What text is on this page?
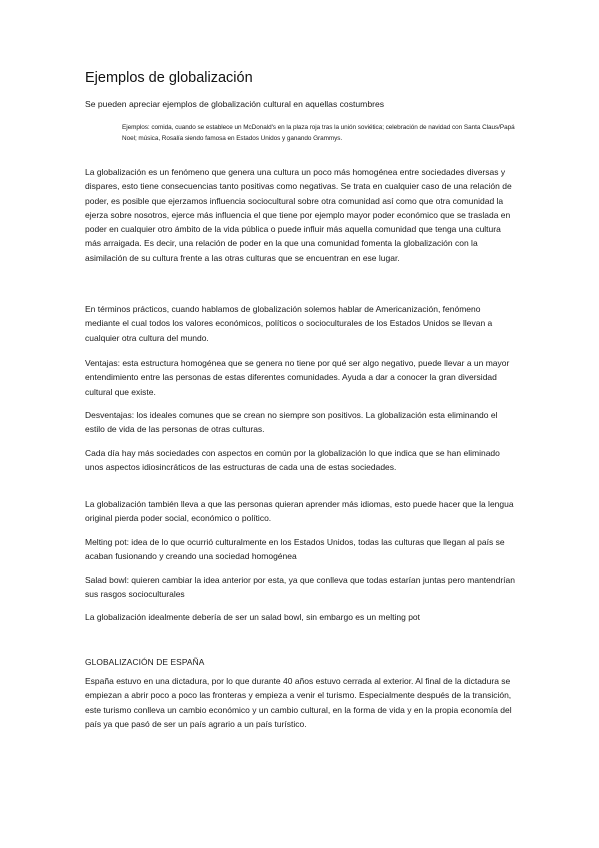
Ejemplos de globalización

Se pueden apreciar ejemplos de globalización cultural en aquellas costumbres

Ejemplos: comida, cuando se establece un McDonald's en la plaza roja tras la unión soviética; celebración de navidad con Santa Claus/Papá Noel; música, Rosalía siendo famosa en Estados Unidos y ganando Grammys.

La globalización es un fenómeno que genera una cultura un poco más homogénea entre sociedades diversas y dispares, esto tiene consecuencias tanto positivas como negativas. Se trata en cualquier caso de una relación de poder, es posible que ejerzamos influencia sociocultural sobre otra comunidad así como que otra comunidad la ejerza sobre nosotros, ejerce más influencia el que tiene por ejemplo mayor poder económico que se traslada en poder en cualquier otro ámbito de la vida pública o puede influir más aquella comunidad que tenga una cultura más arraigada. Es decir, una relación de poder en la que una comunidad fomenta la globalización con la asimilación de su cultura frente a las otras culturas que se encuentran en ese lugar.

En términos prácticos, cuando hablamos de globalización solemos hablar de Americanización, fenómeno mediante el cual todos los valores económicos, políticos o socioculturales de los Estados Unidos se llevan a cualquier otra cultura del mundo.

Ventajas: esta estructura homogénea que se genera no tiene por qué ser algo negativo, puede llevar a un mayor entendimiento entre las personas de estas diferentes comunidades. Ayuda a dar a conocer la gran diversidad cultural que existe.

Desventajas: los ideales comunes que se crean no siempre son positivos. La globalización esta eliminando el estilo de vida de las personas de otras culturas.

Cada día hay más sociedades con aspectos en común por la globalización lo que indica que se han eliminado unos aspectos idiosincráticos de las estructuras de cada una de estas sociedades.

La globalización también lleva a que las personas quieran aprender más idiomas, esto puede hacer que la lengua original pierda poder social, económico o político.

Melting pot: idea de lo que ocurrió culturalmente en los Estados Unidos, todas las culturas que llegan al país se acaban fusionando y creando una sociedad homogénea

Salad bowl: quieren cambiar la idea anterior por esta, ya que conlleva que todas estarían juntas pero mantendrían sus rasgos socioculturales

La globalización idealmente debería de ser un salad bowl, sin embargo es un melting pot

GLOBALIZACIÓN DE ESPAÑA

España estuvo en una dictadura, por lo que durante 40 años estuvo cerrada al exterior. Al final de la dictadura se empiezan a abrir poco a poco las fronteras y empieza a venir el turismo. Especialmente después de la transición, este turismo conlleva un cambio económico y un cambio cultural, en la forma de vida y en la propia economía del país ya que pasó de ser un país agrario a un país turístico.
